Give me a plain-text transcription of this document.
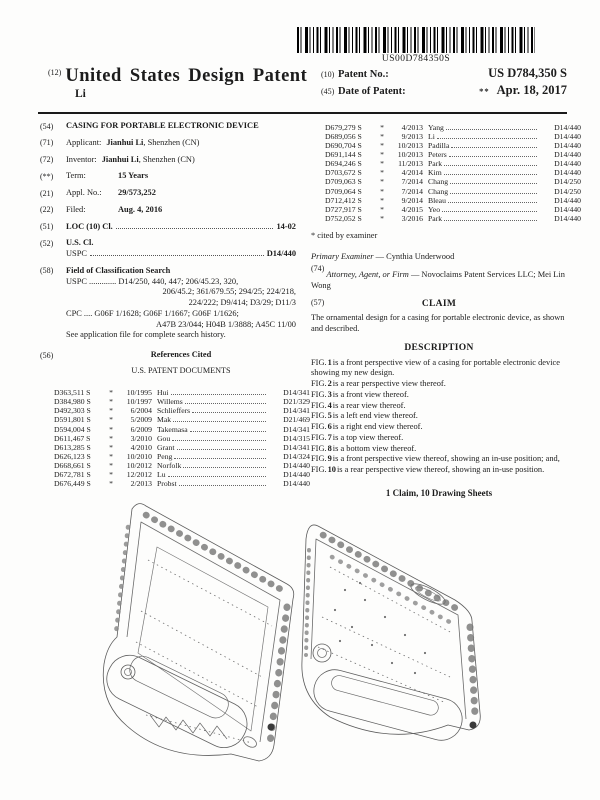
US00D784350S
$^{(12)}$ United States Design Patent
Li
(10) Patent No.:	US D784,350 S
(45) Date of Patent:	** Apr. 18, 2017
(54)	CASING FOR PORTABLE ELECTRONIC DEVICE
(71)	Applicant: Jianhui Li, Shenzhen (CN)
(72)	Inventor: Jianhui Li, Shenzhen (CN)
(**)	Term:	15 Years
(21)	Appl. No.: 29/573,252
(22)	Filed:	Aug. 4, 2016
(51)	LOC (10) Cl.	14-02
(52)	U.S. Cl.
USPC	D14/440
(58)	Field of Classification Search
USPC ............. D14/250, 440, 447; 206/45.23, 320,
206/45.2; 361/679.55; 294/25; 224/218,
224/222; D9/414; D3/29; D11/3
CPC .... G06F 1/1628; G06F 1/1667; G06F 1/1626;
A47B 23/044; H04B 1/3888; A45C 11/00
See application file for complete search history.
(56)	References Cited
U.S. PATENT DOCUMENTS
D363,511 S	*	10/1995 Hui	D14/341
D384,980 S	*	10/1997 Willems	D21/329
D492,303 S	*	6/2004 Schlieffers	D14/341
D591,801 S	*	5/2009 Mak	D21/469
D594,004 S	*	6/2009 Takemasa	D14/341
D611,467 S	*	3/2010 Gou	D14/315
D613,285 S	*	4/2010 Grant	D14/341
D626,123 S	*	10/2010 Peng	D14/324
D668,661 S	*	10/2012 Norfolk	D14/440
D672,781 S	*	12/2012 Lu	D14/440
D676,449 S	*	2/2013 Probst	D14/440
D679,279 S	*	4/2013 Yang	D14/440
D689,056 S	*	9/2013 Li	D14/440
D690,704 S	*	10/2013 Padilla	D14/440
D691,144 S	*	10/2013 Peters	D14/440
D694,246 S	*	11/2013 Park	D14/440
D703,672 S	*	4/2014 Kim	D14/440
D709,063 S	*	7/2014 Chang	D14/250
D709,064 S	*	7/2014 Chang	D14/250
D712,412 S	*	9/2014 Bleau	D14/440
D727,917 S	*	4/2015 Yeo	D14/440
D752,052 S	*	3/2016 Park	D14/440
* cited by examiner

Primary Examiner — Cynthia Underwood

(74) Attorney, Agent, or Firm — Novoclaims Patent Services LLC; Mei Lin Wong

(57)	CLAIM

The ornamental design for a casing for portable electronic device, as shown and described.

DESCRIPTION

FIG.1is a front perspective view of a casing for portable electronic device showing my new design.

FIG.2is a rear perspective view thereof.

FIG.3is a front view thereof.

FIG.4is a rear view thereof.

FIG.5is a left end view thereof.

FIG.6is a right end view thereof.

FIG.7is a top view thereof.

FIG.8is a bottom view thereof.

FIG.9is a front perspective view thereof, showing an in-use position; and,

FIG.10is a rear perspective view thereof, showing an in-use position.

1 Claim, 10 Drawing Sheets
